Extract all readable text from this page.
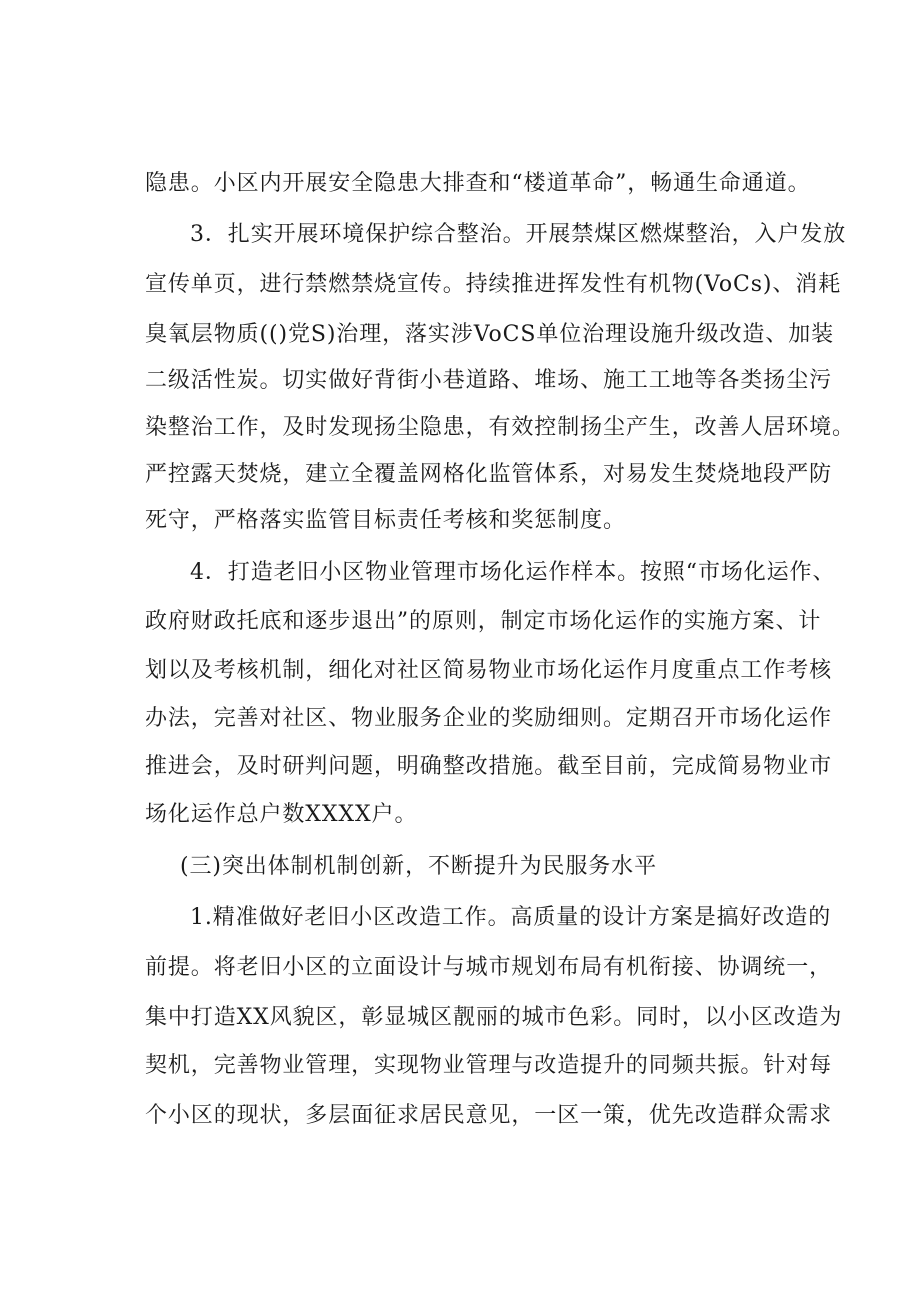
隐患。小区内开展安全隐患大排查和“楼道革命”，畅通生命通道。
3．扎实开展环境保护综合整治。开展禁煤区燃煤整治，入户发放
宣传单页，进行禁燃禁烧宣传。持续推进挥发性有机物(VoCs)、消耗
臭氧层物质(()党S)治理，落实涉VoCS单位治理设施升级改造、加装
二级活性炭。切实做好背街小巷道路、堆场、施工工地等各类扬尘污
染整治工作，及时发现扬尘隐患，有效控制扬尘产生，改善人居环境。
严控露天焚烧，建立全覆盖网格化监管体系，对易发生焚烧地段严防
死守，严格落实监管目标责任考核和奖惩制度。
4．打造老旧小区物业管理市场化运作样本。按照“市场化运作、
政府财政托底和逐步退出”的原则，制定市场化运作的实施方案、计
划以及考核机制，细化对社区简易物业市场化运作月度重点工作考核
办法，完善对社区、物业服务企业的奖励细则。定期召开市场化运作
推进会，及时研判问题，明确整改措施。截至目前，完成简易物业市
场化运作总户数XXXX户。
(三)突出体制机制创新，不断提升为民服务水平
1.精准做好老旧小区改造工作。高质量的设计方案是搞好改造的
前提。将老旧小区的立面设计与城市规划布局有机衔接、协调统一，
集中打造XX风貌区，彰显城区靓丽的城市色彩。同时，以小区改造为
契机，完善物业管理，实现物业管理与改造提升的同频共振。针对每
个小区的现状，多层面征求居民意见，一区一策，优先改造群众需求
